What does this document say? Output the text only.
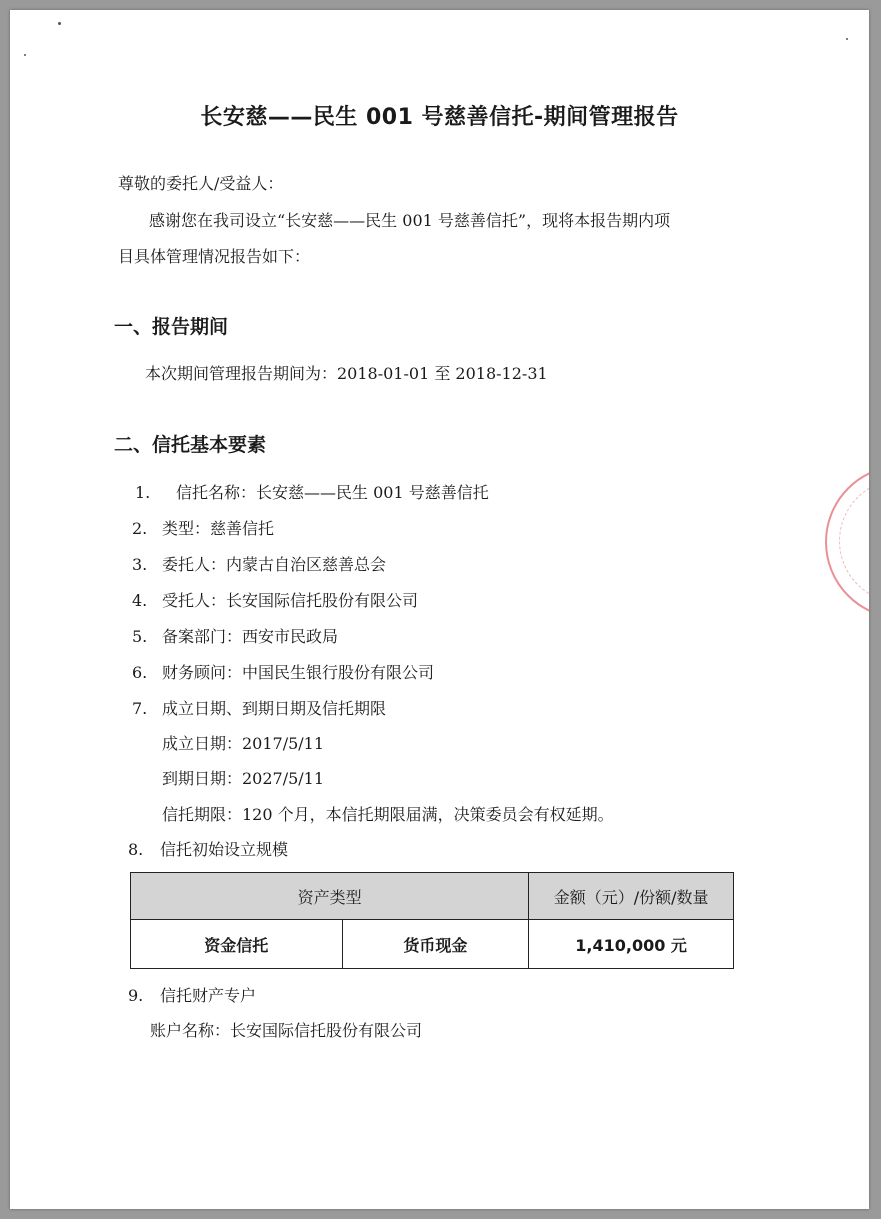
长安慈——民生 001 号慈善信托-期间管理报告
尊敬的委托人/受益人：
感谢您在我司设立“长安慈——民生 001 号慈善信托”，现将本报告期内项
目具体管理情况报告如下：
一、报告期间
本次期间管理报告期间为：2018-01-01 至 2018-12-31
二、信托基本要素
1. 信托名称：长安慈——民生 001 号慈善信托
2. 类型：慈善信托
3. 委托人：内蒙古自治区慈善总会
4. 受托人：长安国际信托股份有限公司
5. 备案部门：西安市民政局
6. 财务顾问：中国民生银行股份有限公司
7. 成立日期、到期日期及信托期限
成立日期：2017/5/11
到期日期：2027/5/11
信托期限：120 个月，本信托期限届满，决策委员会有权延期。
8. 信托初始设立规模
资产类型		金额（元）/份额/数量
资金信托	货币现金	1,410,000 元
9. 信托财产专户
账户名称：长安国际信托股份有限公司
